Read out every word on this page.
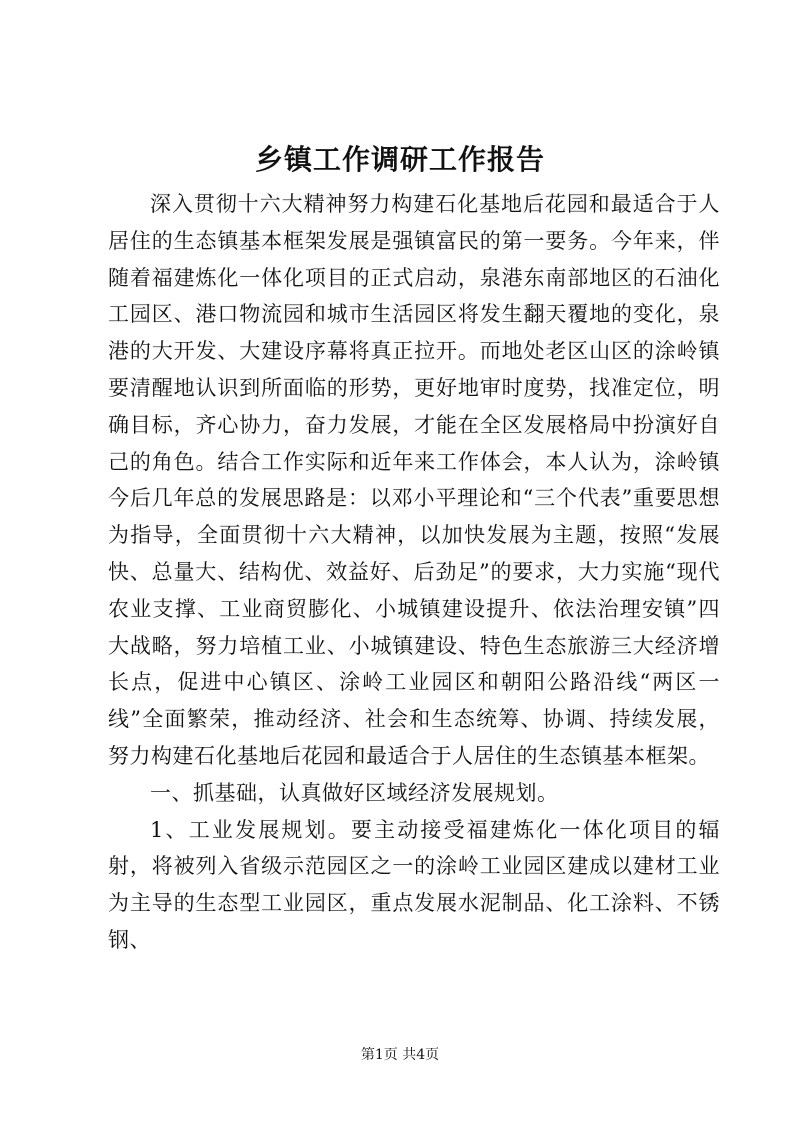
乡镇工作调研工作报告

深入贯彻十六大精神努力构建石化基地后花园和最适合于人居住的生态镇基本框架发展是强镇富民的第一要务。今年来，伴随着福建炼化一体化项目的正式启动，泉港东南部地区的石油化工园区、港口物流园和城市生活园区将发生翻天覆地的变化，泉港的大开发、大建设序幕将真正拉开。而地处老区山区的涂岭镇要清醒地认识到所面临的形势，更好地审时度势，找准定位，明确目标，齐心协力，奋力发展，才能在全区发展格局中扮演好自己的角色。结合工作实际和近年来工作体会，本人认为，涂岭镇今后几年总的发展思路是：以邓小平理论和“三个代表”重要思想为指导，全面贯彻十六大精神，以加快发展为主题，按照“发展快、总量大、结构优、效益好、后劲足”的要求，大力实施“现代农业支撑、工业商贸膨化、小城镇建设提升、依法治理安镇”四大战略，努力培植工业、小城镇建设、特色生态旅游三大经济增长点，促进中心镇区、涂岭工业园区和朝阳公路沿线“两区一线”全面繁荣，推动经济、社会和生态统筹、协调、持续发展，努力构建石化基地后花园和最适合于人居住的生态镇基本框架。

一、抓基础，认真做好区域经济发展规划。

1、工业发展规划。要主动接受福建炼化一体化项目的辐射，将被列入省级示范园区之一的涂岭工业园区建成以建材工业为主导的生态型工业园区，重点发展水泥制品、化工涂料、不锈钢、

第1页 共4页
